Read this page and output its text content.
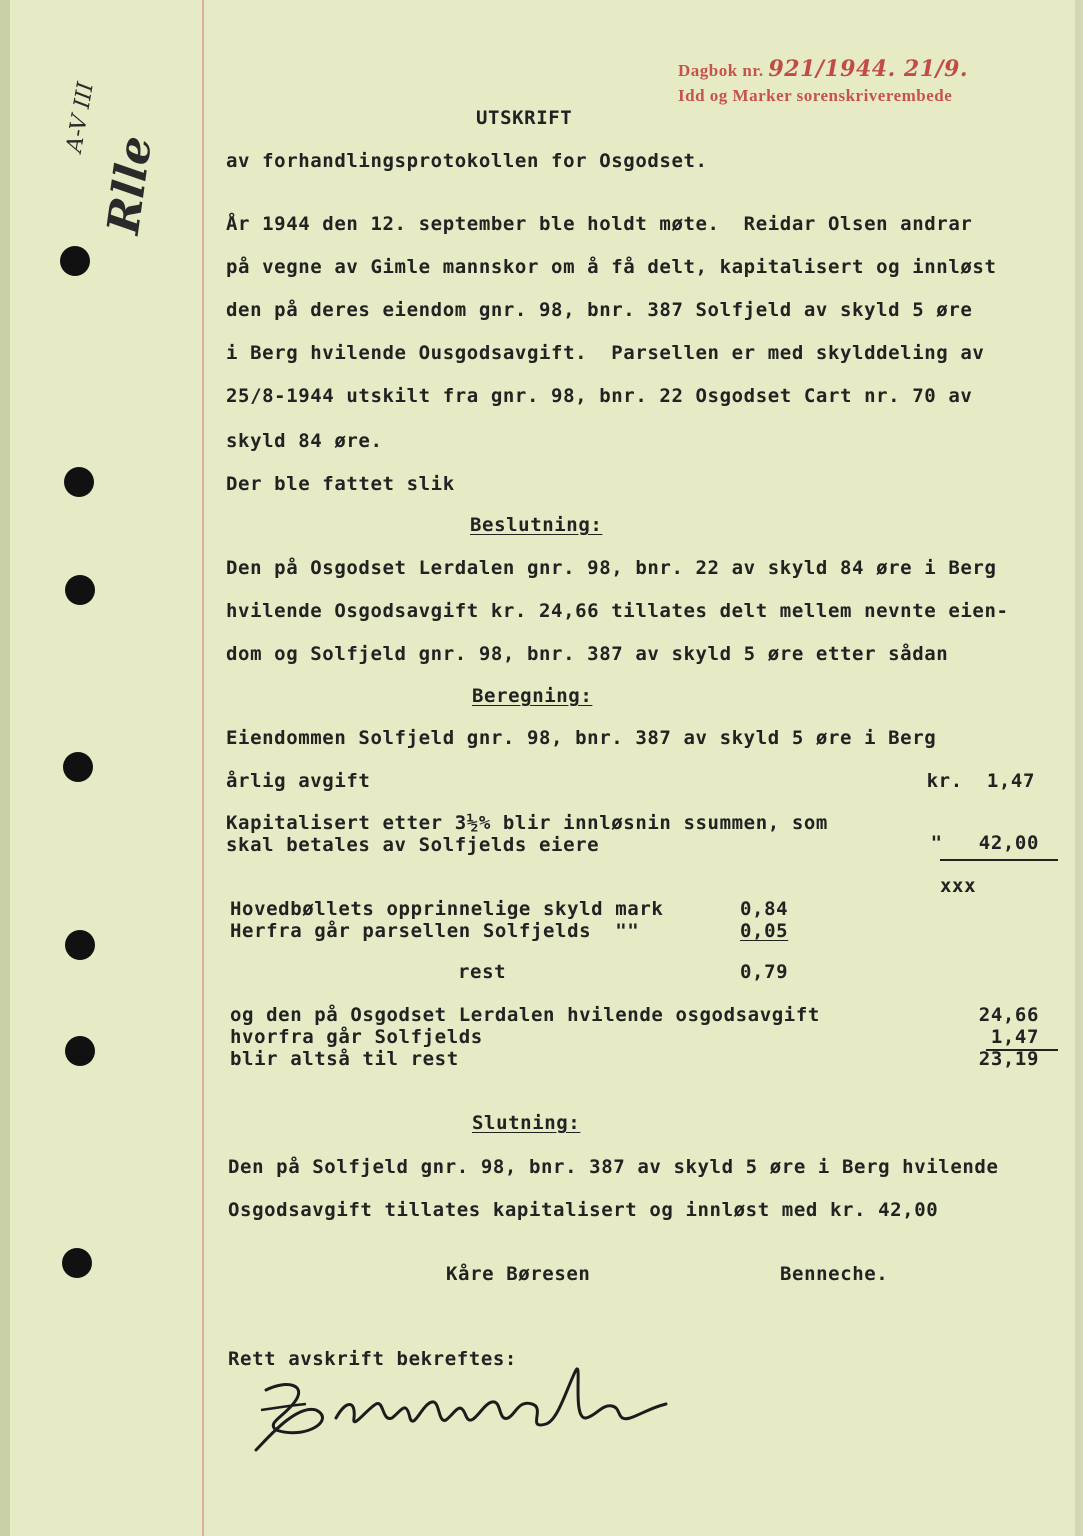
A-V III
Rlle
Dagbok nr. 921/1944. 21/9.
Idd og Marker sorenskriverembede
UTSKRIFT
av forhandlingsprotokollen for Osgodset.
År 1944 den 12. september ble holdt møte.  Reidar Olsen andrar
på vegne av Gimle mannskor om å få delt, kapitalisert og innløst
den på deres eiendom gnr. 98, bnr. 387 Solfjeld av skyld 5 øre
i Berg hvilende Ousgodsavgift.  Parsellen er med skylddeling av
25/8-1944 utskilt fra gnr. 98, bnr. 22 Osgodset Cart nr. 70 av
skyld 84 øre.
Der ble fattet slik
Beslutning:
Den på Osgodset Lerdalen gnr. 98, bnr. 22 av skyld 84 øre i Berg
hvilende Osgodsavgift kr. 24,66 tillates delt mellem nevnte eien-
dom og Solfjeld gnr. 98, bnr. 387 av skyld 5 øre etter sådan
Beregning:
Eiendommen Solfjeld gnr. 98, bnr. 387 av skyld 5 øre i Berg
årlig avgift	kr.  1,47
Kapitalisert etter 3½% blir innløsnin ssummen, som
skal betales av Solfjelds eiere	"   42,00
xxx
Hovedbøllets opprinnelige skyld mark	0,84
Herfra går parsellen Solfjelds  ""	0,05
rest	0,79
og den på Osgodset Lerdalen hvilende osgodsavgift	24,66
hvorfra går Solfjelds	1,47
blir altså til rest	23,19
Slutning:
Den på Solfjeld gnr. 98, bnr. 387 av skyld 5 øre i Berg hvilende
Osgodsavgift tillates kapitalisert og innløst med kr. 42,00
Kåre Børesen	Benneche.
Rett avskrift bekreftes:
